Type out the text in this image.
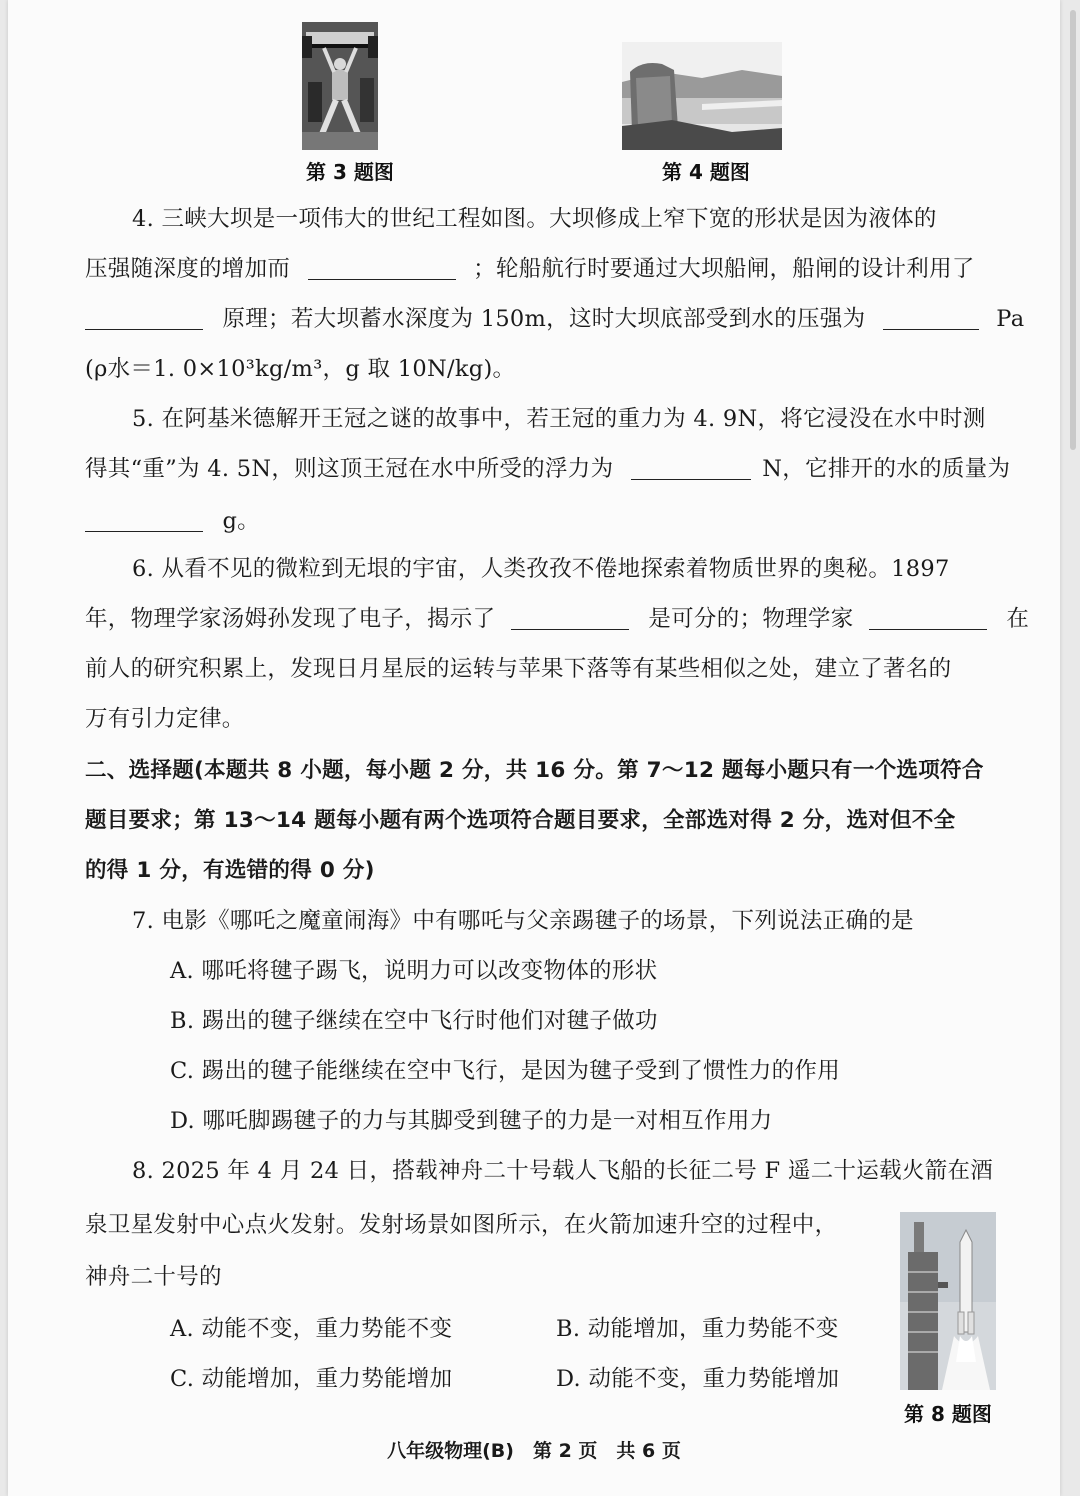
第 3 题图	第 4 题图
4. 三峡大坝是一项伟大的世纪工程如图。大坝修成上窄下宽的形状是因为液体的
压强随深度的增加而	；轮船航行时要通过大坝船闸，船闸的设计利用了
原理；若大坝蓄水深度为 150m，这时大坝底部受到水的压强为	Pa
(ρ水＝1. 0×10³kg/m³，g 取 10N/kg)。
5. 在阿基米德解开王冠之谜的故事中，若王冠的重力为 4. 9N，将它浸没在水中时测
得其“重”为 4. 5N，则这顶王冠在水中所受的浮力为	N，它排开的水的质量为
g。
6. 从看不见的微粒到无垠的宇宙，人类孜孜不倦地探索着物质世界的奥秘。1897
年，物理学家汤姆孙发现了电子，揭示了	是可分的；物理学家	在
前人的研究积累上，发现日月星辰的运转与苹果下落等有某些相似之处，建立了著名的
万有引力定律。
二、选择题(本题共 8 小题，每小题 2 分，共 16 分。第 7～12 题每小题只有一个选项符合
题目要求；第 13～14 题每小题有两个选项符合题目要求，全部选对得 2 分，选对但不全
的得 1 分，有选错的得 0 分)
7. 电影《哪吒之魔童闹海》中有哪吒与父亲踢毽子的场景，下列说法正确的是
A. 哪吒将毽子踢飞，说明力可以改变物体的形状
B. 踢出的毽子继续在空中飞行时他们对毽子做功
C. 踢出的毽子能继续在空中飞行，是因为毽子受到了惯性力的作用
D. 哪吒脚踢毽子的力与其脚受到毽子的力是一对相互作用力
8. 2025 年 4 月 24 日，搭载神舟二十号载人飞船的长征二号 F 遥二十运载火箭在酒
泉卫星发射中心点火发射。发射场景如图所示，在火箭加速升空的过程中，
神舟二十号的
A. 动能不变，重力势能不变	B. 动能增加，重力势能不变
C. 动能增加，重力势能增加	D. 动能不变，重力势能增加
第 8 题图
八年级物理(B)　第 2 页　共 6 页
